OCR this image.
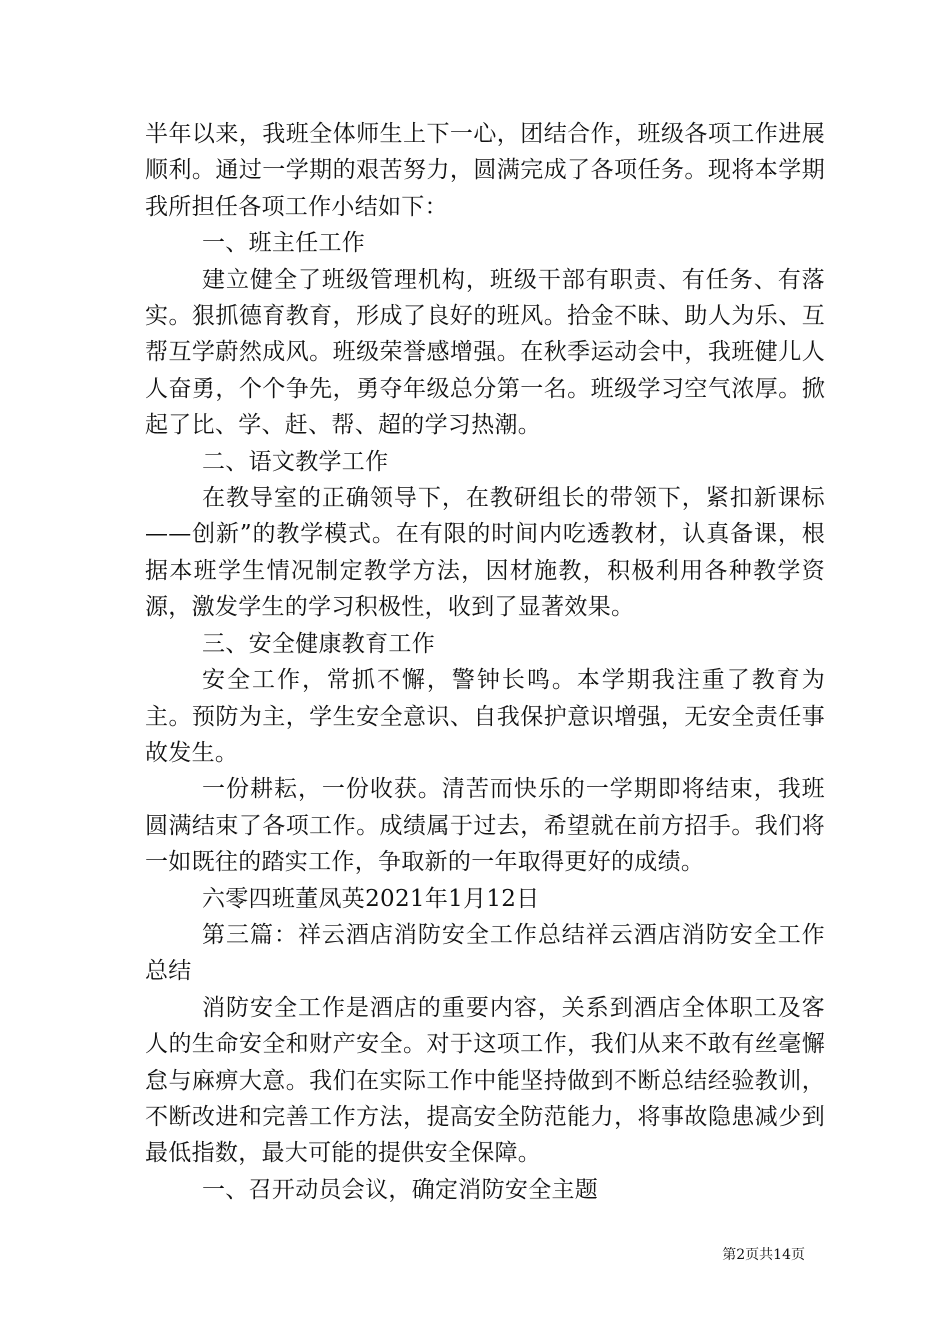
半年以来，我班全体师生上下一心，团结合作，班级各项工作进展顺利。通过一学期的艰苦努力，圆满完成了各项任务。现将本学期我所担任各项工作小结如下：

一、班主任工作

建立健全了班级管理机构，班级干部有职责、有任务、有落实。狠抓德育教育，形成了良好的班风。拾金不昧、助人为乐、互帮互学蔚然成风。班级荣誉感增强。在秋季运动会中，我班健儿人人奋勇，个个争先，勇夺年级总分第一名。班级学习空气浓厚。掀起了比、学、赶、帮、超的学习热潮。

二、语文教学工作

在教导室的正确领导下，在教研组长的带领下，紧扣新课标——创新”的教学模式。在有限的时间内吃透教材，认真备课，根据本班学生情况制定教学方法，因材施教，积极利用各种教学资源，激发学生的学习积极性，收到了显著效果。

三、安全健康教育工作

安全工作，常抓不懈，警钟长鸣。本学期我注重了教育为主。预防为主，学生安全意识、自我保护意识增强，无安全责任事故发生。

一份耕耘，一份收获。清苦而快乐的一学期即将结束，我班圆满结束了各项工作。成绩属于过去，希望就在前方招手。我们将一如既往的踏实工作，争取新的一年取得更好的成绩。

六零四班董凤英2021年1月12日

第三篇：祥云酒店消防安全工作总结祥云酒店消防安全工作总结

消防安全工作是酒店的重要内容，关系到酒店全体职工及客人的生命安全和财产安全。对于这项工作，我们从来不敢有丝毫懈怠与麻痹大意。我们在实际工作中能坚持做到不断总结经验教训，不断改进和完善工作方法，提高安全防范能力，将事故隐患减少到最低指数，最大可能的提供安全保障。

一、召开动员会议，确定消防安全主题

第2页共14页
